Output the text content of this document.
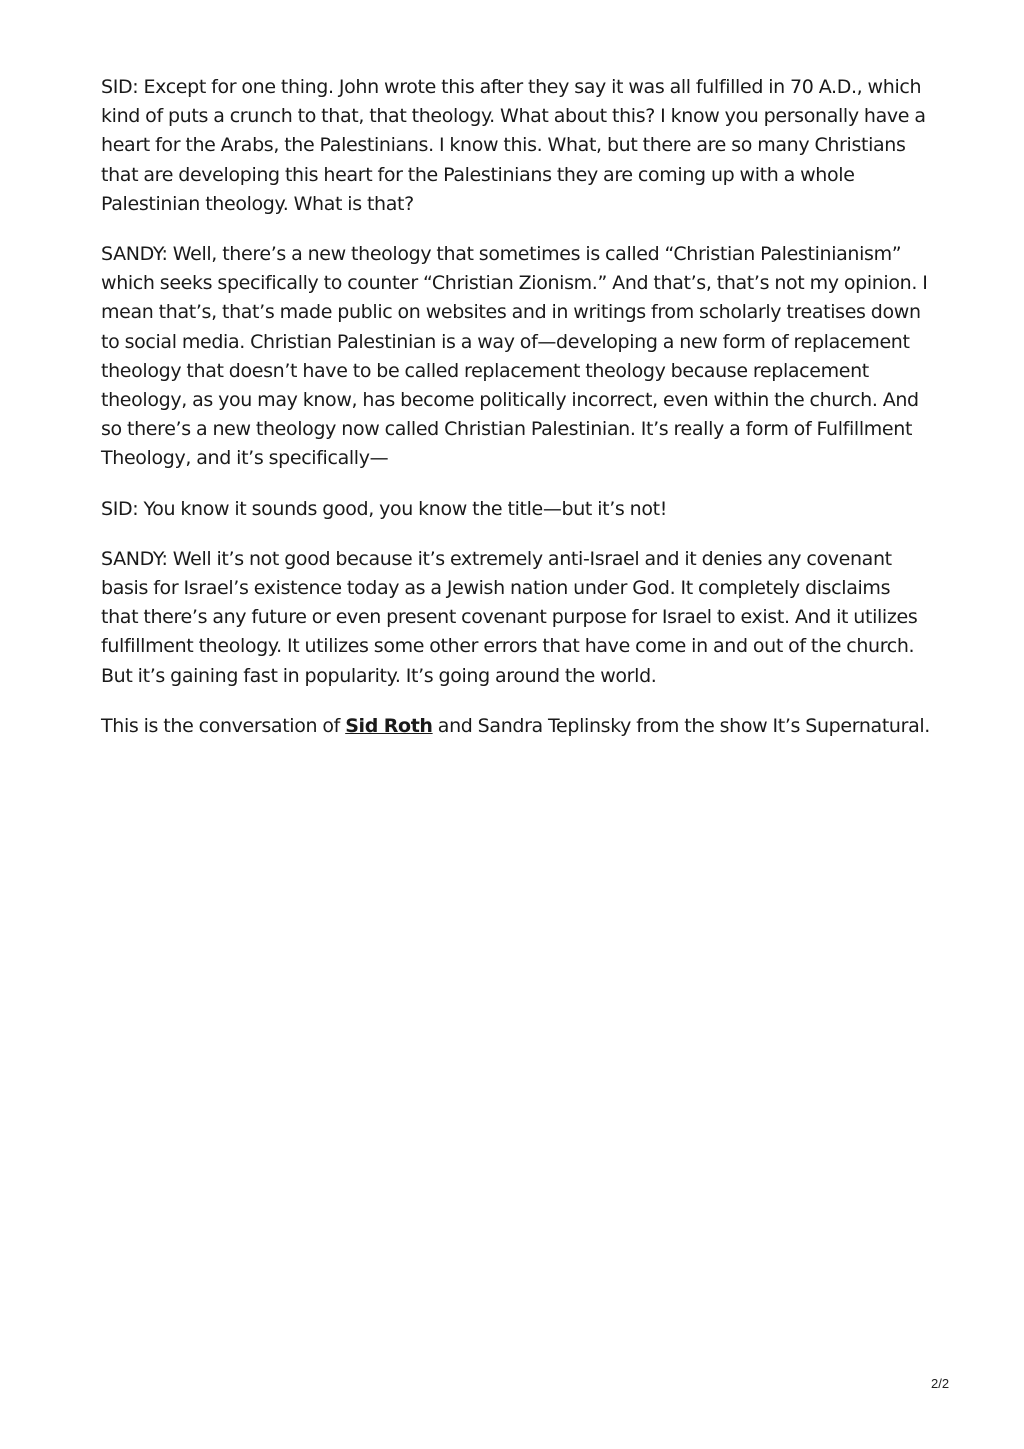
SID: Except for one thing. John wrote this after they say it was all fulfilled in 70 A.D., which kind of puts a crunch to that, that theology. What about this? I know you personally have a heart for the Arabs, the Palestinians. I know this. What, but there are so many Christians that are developing this heart for the Palestinians they are coming up with a whole Palestinian theology. What is that?

SANDY: Well, there’s a new theology that sometimes is called “Christian Palestinianism” which seeks specifically to counter “Christian Zionism.” And that’s, that’s not my opinion. I mean that’s, that’s made public on websites and in writings from scholarly treatises down to social media. Christian Palestinian is a way of—developing a new form of replacement theology that doesn’t have to be called replacement theology because replacement theology, as you may know, has become politically incorrect, even within the church. And so there’s a new theology now called Christian Palestinian. It’s really a form of Fulfillment Theology, and it’s specifically—

SID: You know it sounds good, you know the title—but it’s not!

SANDY: Well it’s not good because it’s extremely anti-Israel and it denies any covenant basis for Israel’s existence today as a Jewish nation under God. It completely disclaims that there’s any future or even present covenant purpose for Israel to exist. And it utilizes fulfillment theology. It utilizes some other errors that have come in and out of the church. But it’s gaining fast in popularity. It’s going around the world.

This is the conversation of Sid Roth and Sandra Teplinsky from the show It’s Supernatural.

2/2
